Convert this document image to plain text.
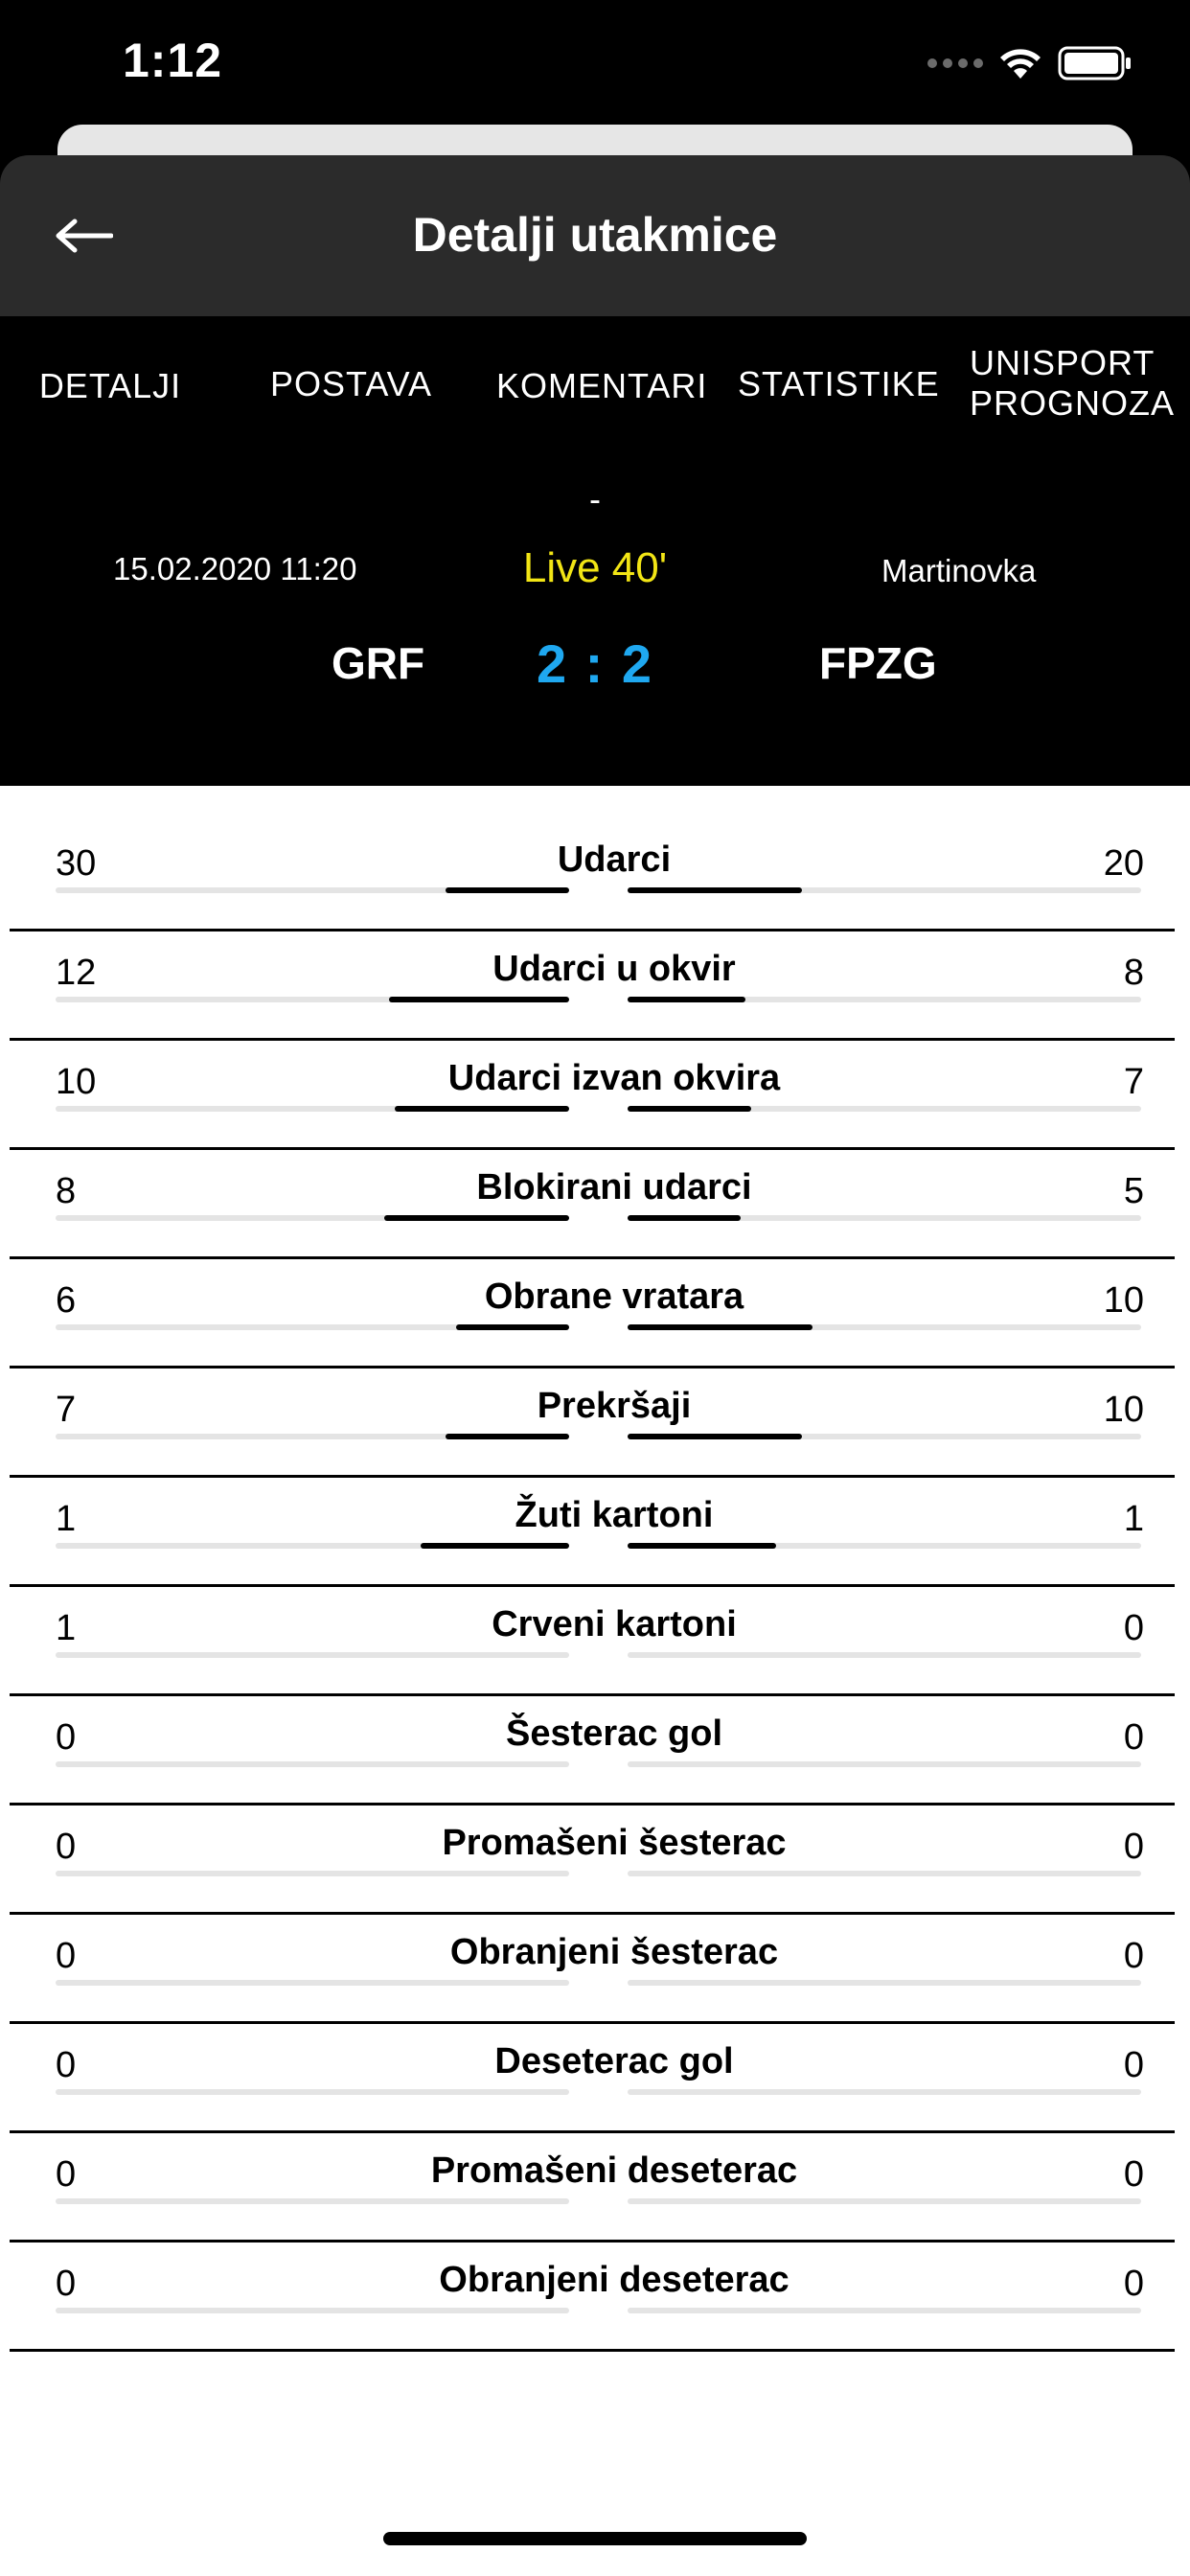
1:12
Detalji utakmice
DETALJI	POSTAVA KOMENTARI STATISTIKE
UNISPORT
PROGNOZA
-
15.02.2020 11:20	Live 40'	Martinovka
GRF	2 : 2	FPZG
30	Udarci	20
12	Udarci u okvir	8
10	Udarci izvan okvira	7
8	Blokirani udarci	5
6	Obrane vratara	10
7	Prekršaji	10
1	Žuti kartoni	1
1	Crveni kartoni	0
0	Šesterac gol	0
0	Promašeni šesterac	0
0	Obranjeni šesterac	0
0	Deseterac gol	0
0	Promašeni deseterac	0
0	Obranjeni deseterac	0
